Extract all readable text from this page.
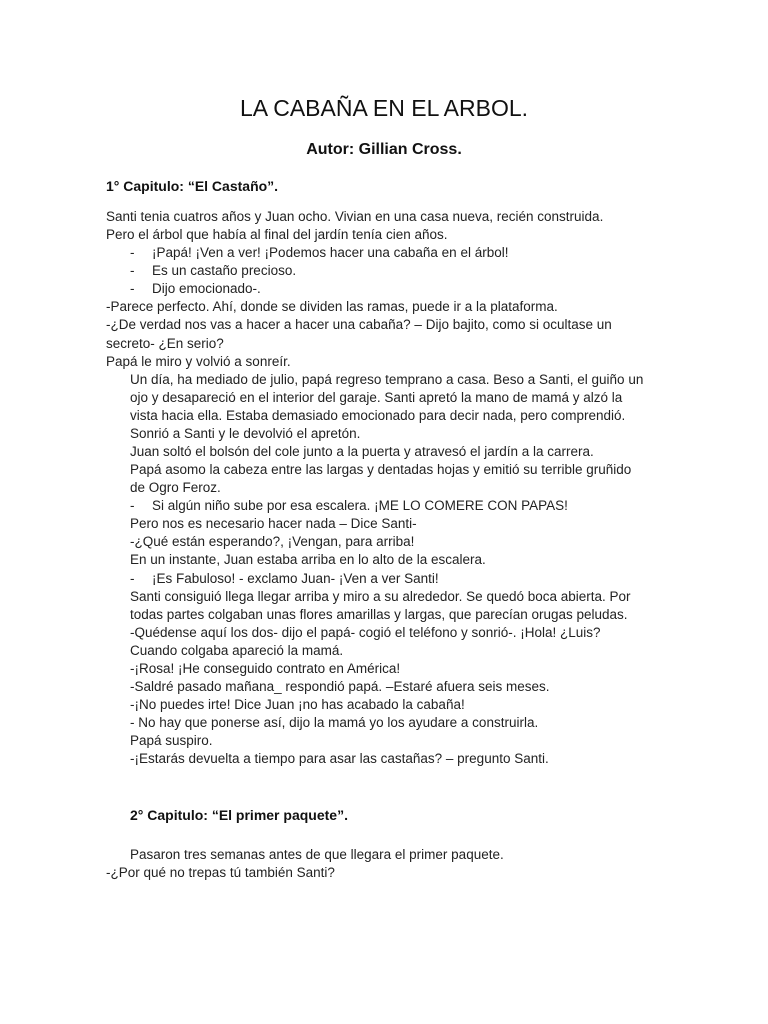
LA CABAÑA EN EL ARBOL.
Autor: Gillian Cross.
1° Capitulo: “El Castaño”.
Santi tenia cuatros años y Juan ocho. Vivian en una casa nueva, recién construida.
Pero el árbol que había al final del jardín tenía cien años.
- ¡Papá! ¡Ven a ver! ¡Podemos hacer una cabaña en el árbol!
- Es un castaño precioso.
- Dijo emocionado-.
-Parece perfecto. Ahí, donde se dividen las ramas, puede ir a la plataforma.
-¿De verdad nos vas a hacer a hacer una cabaña? – Dijo bajito, como si ocultase un
secreto- ¿En serio?
Papá le miro y volvió a sonreír.
Un día, ha mediado de julio, papá regreso temprano a casa. Beso a Santi, el guiño un
ojo y desapareció en el interior del garaje. Santi apretó la mano de mamá y alzó la
vista hacia ella. Estaba demasiado emocionado para decir nada, pero comprendió.
Sonrió a Santi y le devolvió el apretón.
Juan soltó el bolsón del cole junto a la puerta y atravesó el jardín a la carrera.
Papá asomo la cabeza entre las largas y dentadas hojas y emitió su terrible gruñido
de Ogro Feroz.
- Si algún niño sube por esa escalera. ¡ME LO COMERE CON PAPAS!
Pero nos es necesario hacer nada – Dice Santi-
-¿Qué están esperando?, ¡Vengan, para arriba!
En un instante, Juan estaba arriba en lo alto de la escalera.
- ¡Es Fabuloso! - exclamo Juan- ¡Ven a ver Santi!
Santi consiguió llega llegar arriba y miro a su alrededor. Se quedó boca abierta. Por
todas partes colgaban unas flores amarillas y largas, que parecían orugas peludas.
-Quédense aquí los dos- dijo el papá- cogió el teléfono y sonrió-. ¡Hola! ¿Luis?
Cuando colgaba apareció la mamá.
-¡Rosa! ¡He conseguido contrato en América!
-Saldré pasado mañana_ respondió papá. –Estaré afuera seis meses.
-¡No puedes irte! Dice Juan ¡no has acabado la cabaña!
- No hay que ponerse así, dijo la mamá yo los ayudare a construirla.
Papá suspiro.
-¡Estarás devuelta a tiempo para asar las castañas? – pregunto Santi.
2° Capitulo: “El primer paquete”.
Pasaron tres semanas antes de que llegara el primer paquete.
-¿Por qué no trepas tú también Santi?
